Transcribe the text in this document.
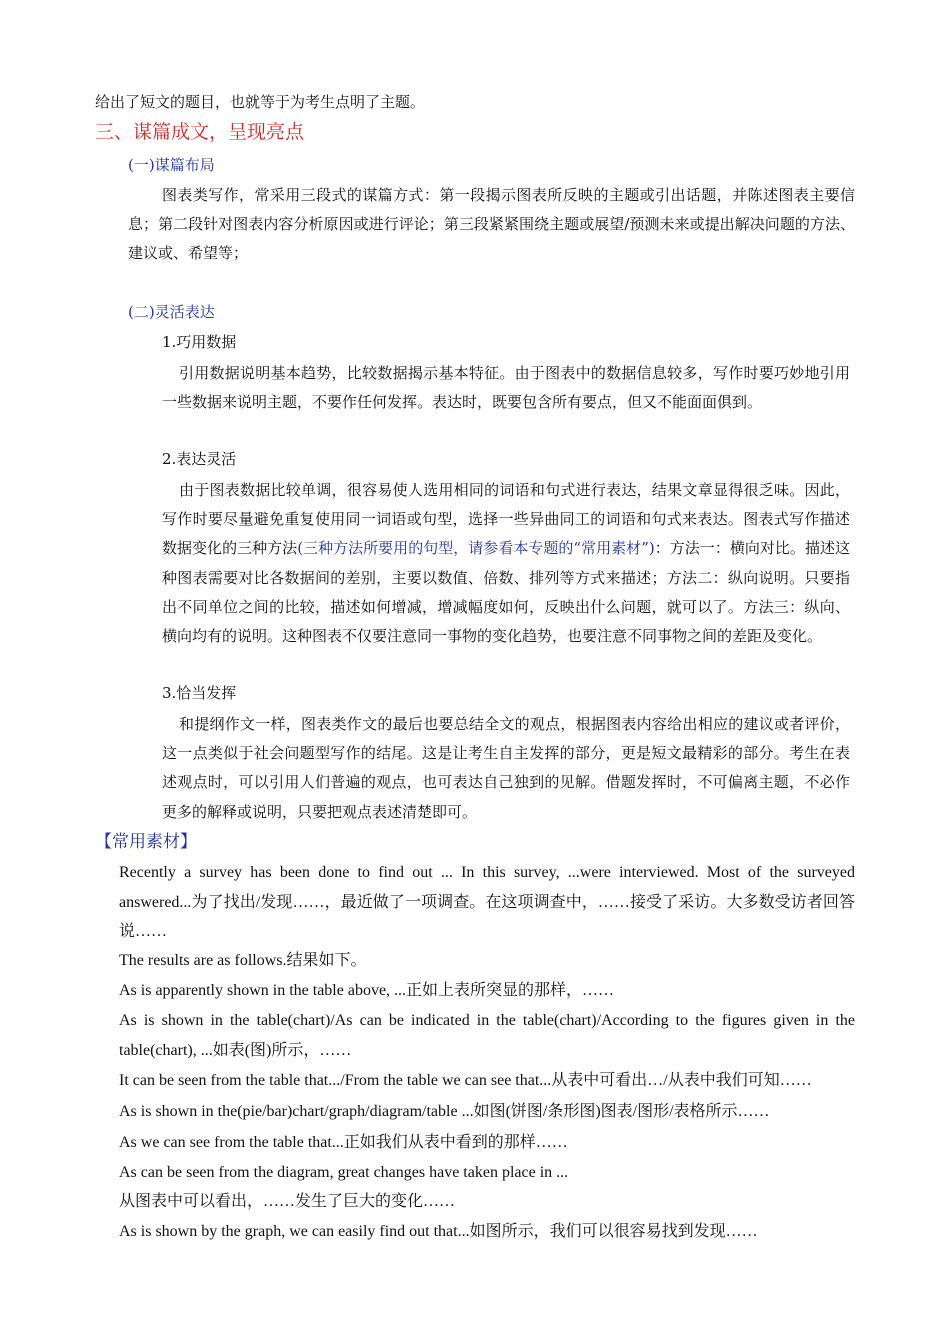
给出了短文的题目，也就等于为考生点明了主题。
三、谋篇成文，呈现亮点
(一)谋篇布局
图表类写作，常采用三段式的谋篇方式：第一段揭示图表所反映的主题或引出话题，并陈述图表主要信息；第二段针对图表内容分析原因或进行评论；第三段紧紧围绕主题或展望/预测未来或提出解决问题的方法、建议或、希望等；
(二)灵活表达
1.巧用数据
引用数据说明基本趋势，比较数据揭示基本特征。由于图表中的数据信息较多，写作时要巧妙地引用一些数据来说明主题，不要作任何发挥。表达时，既要包含所有要点，但又不能面面俱到。
2.表达灵活
由于图表数据比较单调，很容易使人选用相同的词语和句式进行表达，结果文章显得很乏味。因此，写作时要尽量避免重复使用同一词语或句型，选择一些异曲同工的词语和句式来表达。图表式写作描述数据变化的三种方法(三种方法所要用的句型，请参看本专题的“常用素材”)：方法一：横向对比。描述这种图表需要对比各数据间的差别，主要以数值、倍数、排列等方式来描述；方法二：纵向说明。只要指出不同单位之间的比较，描述如何增减，增减幅度如何，反映出什么问题，就可以了。方法三：纵向、横向均有的说明。这种图表不仅要注意同一事物的变化趋势，也要注意不同事物之间的差距及变化。
3.恰当发挥
和提纲作文一样，图表类作文的最后也要总结全文的观点，根据图表内容给出相应的建议或者评价，这一点类似于社会问题型写作的结尾。这是让考生自主发挥的部分，更是短文最精彩的部分。考生在表述观点时，可以引用人们普遍的观点，也可表达自己独到的见解。借题发挥时，不可偏离主题，不必作更多的解释或说明，只要把观点表述清楚即可。
【常用素材】
Recently a survey has been done to find out ... In this survey, ...were interviewed. Most of the surveyed answered...为了找出/发现……，最近做了一项调查。在这项调查中，……接受了采访。大多数受访者回答说……
The results are as follows.结果如下。
As is apparently shown in the table above, ...正如上表所突显的那样，……
As is shown in the table(chart)/As can be indicated in the table(chart)/According to the figures given in the table(chart), ...如表(图)所示，……
It can be seen from the table that.../From the table we can see that...从表中可看出…/从表中我们可知……
As is shown in the(pie/bar)chart/graph/diagram/table ...如图(饼图/条形图)图表/图形/表格所示……
As we can see from the table that...正如我们从表中看到的那样……
As can be seen from the diagram, great changes have taken place in ...
从图表中可以看出，……发生了巨大的变化……
As is shown by the graph, we can easily find out that...如图所示，我们可以很容易找到发现……
